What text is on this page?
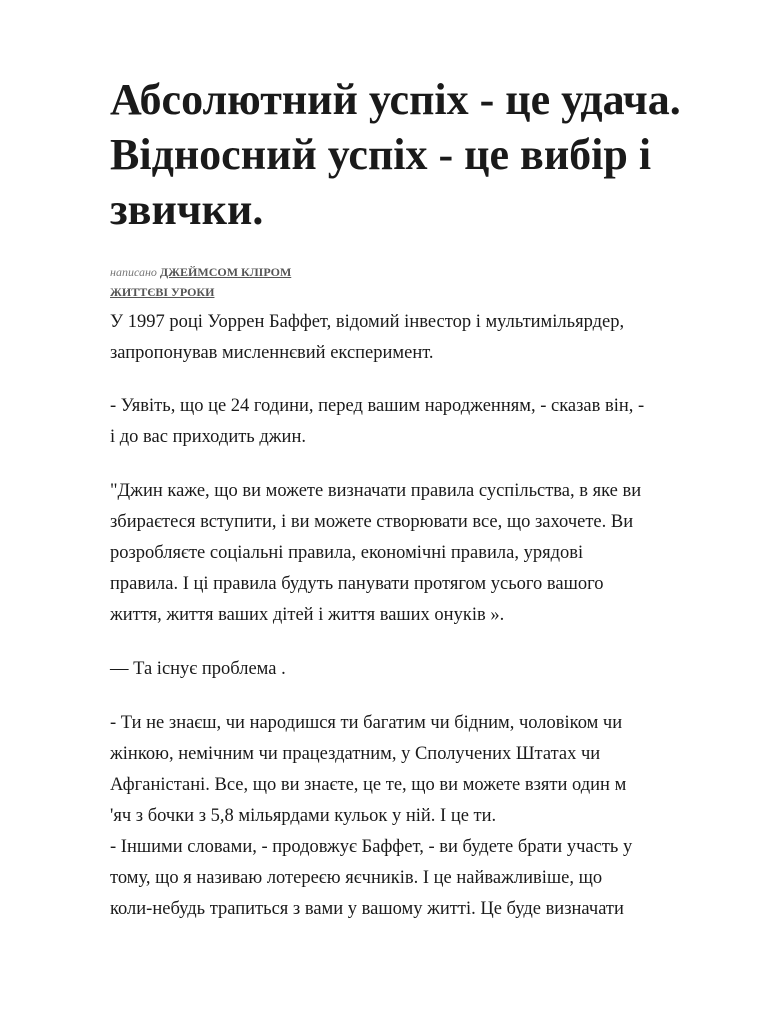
Абсолютний успіх - це удача.
Відносний успіх - це вибір і
звички.
написано ДЖЕЙМСОМ КЛІРОМ
ЖИТТЄВІ УРОКИ
У 1997 році Уоррен Баффет, відомий інвестор і мультимільярдер,
запропонував мисленнєвий експеримент.
- Уявіть, що це 24 години, перед вашим народженням, - сказав він, -
і до вас приходить джин.
"Джин каже, що ви можете визначати правила суспільства, в яке ви
збираєтеся вступити, і ви можете створювати все, що захочете. Ви
розробляєте соціальні правила, економічні правила, урядові
правила. І ці правила будуть панувати протягом усього вашого
життя, життя ваших дітей і життя ваших онуків ».
— Та існує проблема .
- Ти не знаєш, чи народишся ти багатим чи бідним, чоловіком чи
жінкою, немічним чи працездатним, у Сполучених Штатах чи
Афганістані. Все, що ви знаєте, це те, що ви можете взяти один м
'яч з бочки з 5,8 мільярдами кульок у ній. І це ти.
- Іншими словами, - продовжує Баффет, - ви будете брати участь у
тому, що я називаю лотереєю яєчників. І це найважливіше, що
коли-небудь трапиться з вами у вашому житті. Це буде визначати
